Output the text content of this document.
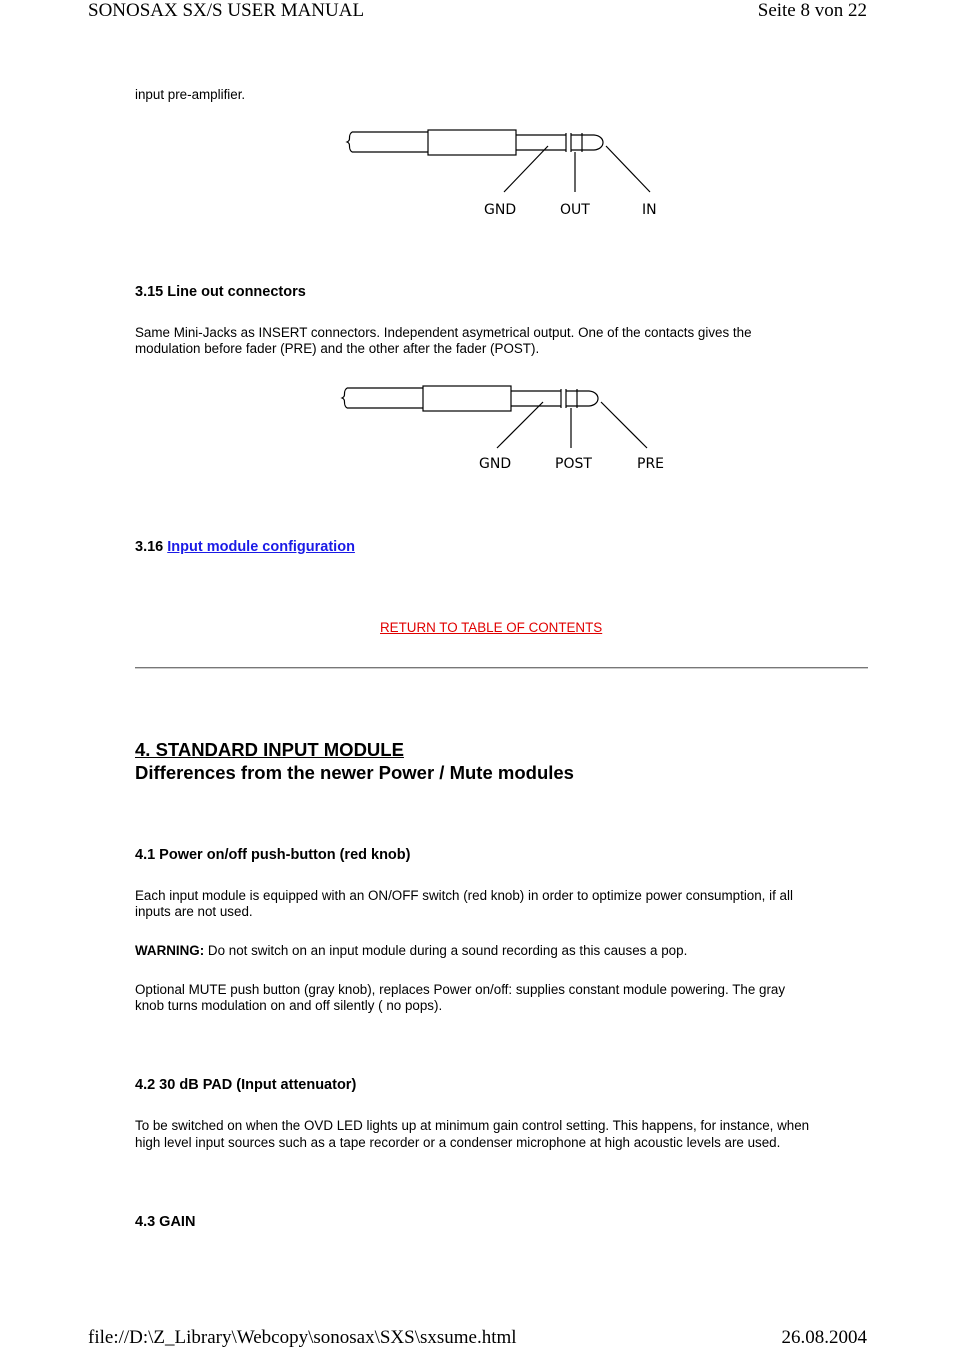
SONOSAX SX/S USER MANUAL	Seite 8 von 22
input pre-amplifier.
GND	OUT	IN
3.15 Line out connectors
Same Mini-Jacks as INSERT connectors. Independent asymetrical output. One of the contacts gives the
modulation before fader (PRE) and the other after the fader (POST).
GND	POST	PRE
3.16 Input module configuration
RETURN TO TABLE OF CONTENTS
4. STANDARD INPUT MODULE
Differences from the newer Power / Mute modules
4.1 Power on/off push-button (red knob)
Each input module is equipped with an ON/OFF switch (red knob) in order to optimize power consumption, if all
inputs are not used.
WARNING: Do not switch on an input module during a sound recording as this causes a pop.
Optional MUTE push button (gray knob), replaces Power on/off: supplies constant module powering. The gray
knob turns modulation on and off silently ( no pops).
4.2 30 dB PAD (Input attenuator)
To be switched on when the OVD LED lights up at minimum gain control setting. This happens, for instance, when
high level input sources such as a tape recorder or a condenser microphone at high acoustic levels are used.
4.3 GAIN
file://D:\Z_Library\Webcopy\sonosax\SXS\sxsume.html	26.08.2004
